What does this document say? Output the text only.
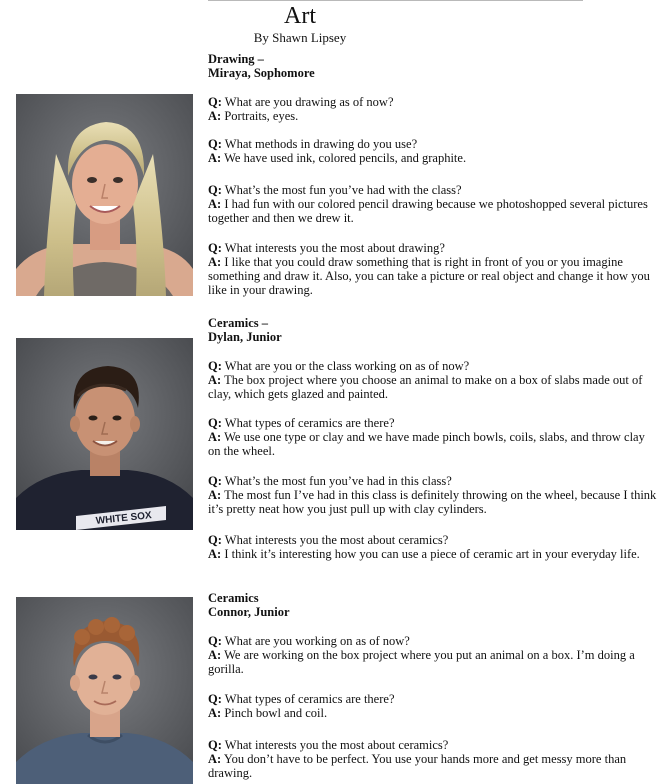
Art
By Shawn Lipsey
Drawing –
Miraya, Sophomore

Q: What are you drawing as of now?

A: Portraits, eyes.

Q: What methods in drawing do you use?

A: We have used ink, colored pencils, and graphite.

Q: What’s the most fun you’ve had with the class?

A: I had fun with our colored pencil drawing because we photoshopped several pictures together and then we drew it.

Q: What interests you the most about drawing?

A: I like that you could draw something that is right in front of you or you imagine something and draw it. Also, you can take a picture or real object and change it how you like in your drawing.

WHITE SOX
Ceramics –
Dylan, Junior

Q: What are you or the class working on as of now?

A: The box project where you choose an animal to make on a box of slabs made out of clay, which gets glazed and painted.

Q: What types of ceramics are there?

A: We use one type or clay and we have made pinch bowls, coils, slabs, and throw clay on the wheel.

Q: What’s the most fun you’ve had in this class?

A: The most fun I’ve had in this class is definitely throwing on the wheel, because I think it’s pretty neat how you just pull up with clay cylinders.

Q: What interests you the most about ceramics?

A: I think it’s interesting how you can use a piece of ceramic art in your everyday life.

Ceramics
Connor, Junior

Q: What are you working on as of now?

A: We are working on the box project where you put an animal on a box. I’m doing a gorilla.

Q: What types of ceramics are there?

A: Pinch bowl and coil.

Q: What interests you the most about ceramics?

A: You don’t have to be perfect. You use your hands more and get messy more than drawing.
